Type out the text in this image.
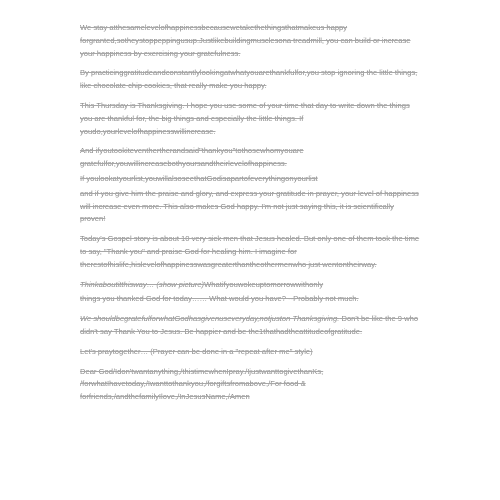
We stay atthesamelevelofhappinessbecausewetakethethingsthatmakeus happy forgranted,sotheystoppeppingusup.Justlikebuildingmusclesona treadmill, you can build or increase your happiness by exercising your gratefulness.

By practicinggratitudeandconstantlylookingatwhatyouarethankfulfor,you stop ignoring the little things, like chocolate chip cookies, that really make you happy.

This Thursday is Thanksgiving. I hope you use some of your time that day to write down the things you are thankful for, the big things and especially the little things. If youdo,yourlevelofhappinesswillincrease.

And ifyoutookiteventhertherandsaid"thankyou"tothosewhomyouare gratefulfor,youwillincreasebothyoursandtheirlevelofhappiness.

If youlookatyourlist,youwillalsoseethatGodisapartofeverythingonyourlist

and if you give him the praise and glory, and express your gratitude in prayer, your level of happiness will increase even more. This also makes God happy. I'm not just saying this, it is scientifically proven!

Today's Gospel story is about 10 very sick men that Jesus healed. But only one of them took the time to say, "Thank you" and praise God for healing him. I imagine for therestofhislife,hislevelofhappinesswasgreaterthantheothermenwho just wentontheirway.

Thinkaboutitthisway… (show picture)Whatifyouwokeuptomorrowwithonly

things you thanked God for today…… What would you have? --Probably not much.

We shouldbegratefulforwhatGodhasgivenuseveryday,notjuston Thanksgiving. Don't be like the 9 who didn't say Thank You to Jesus. Be happier and be the1thathadtheattitudeofgratitude.

Let's praytogether… (Prayer can be done in a "repeat after me" style)

Dear God/Idon'twantanything,/thistimewhenIpray./IjustwanttogivethanKs, /forwhatIhavetoday,/Iwanttothankyou,/forgiftsfromabove,/For food & forfriends,/andthefamilyIlove,/InJesusName,/Amen
